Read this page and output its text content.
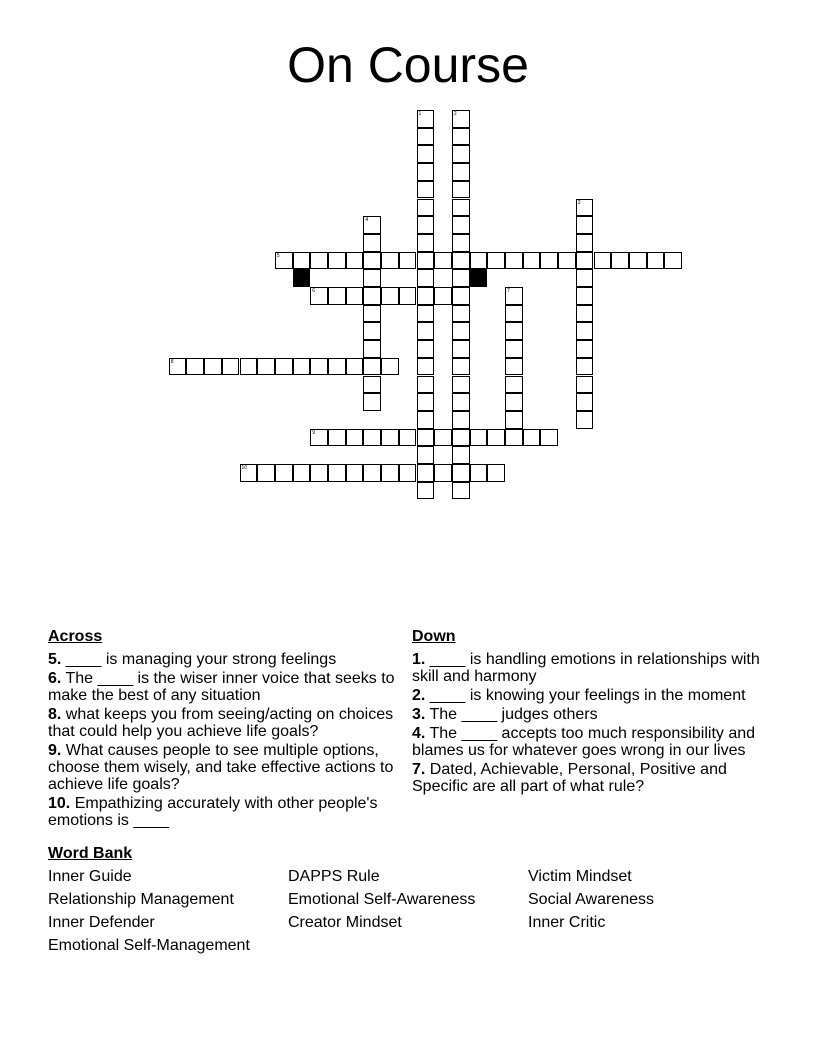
On Course
1	2
3
4
5
6	7
8
9
10
Across
5. ____ is managing your strong feelings
6. The ____ is the wiser inner voice that seeks to make the best of any situation
8. what keeps you from seeing/acting on choices that could help you achieve life goals?
9. What causes people to see multiple options, choose them wisely, and take effective actions to achieve life goals?
10. Empathizing accurately with other people's emotions is ____
Down
1. ____ is handling emotions in relationships with skill and harmony
2. ____ is knowing your feelings in the moment
3. The ____ judges others
4. The ____ accepts too much responsibility and blames us for whatever goes wrong in our lives
7. Dated, Achievable, Personal, Positive and Specific are all part of what rule?
Word Bank
Inner Guide	DAPPS Rule	Victim Mindset
Relationship Management	Emotional Self-Awareness	Social Awareness
Inner Defender	Creator Mindset	Inner Critic
Emotional Self-Management
